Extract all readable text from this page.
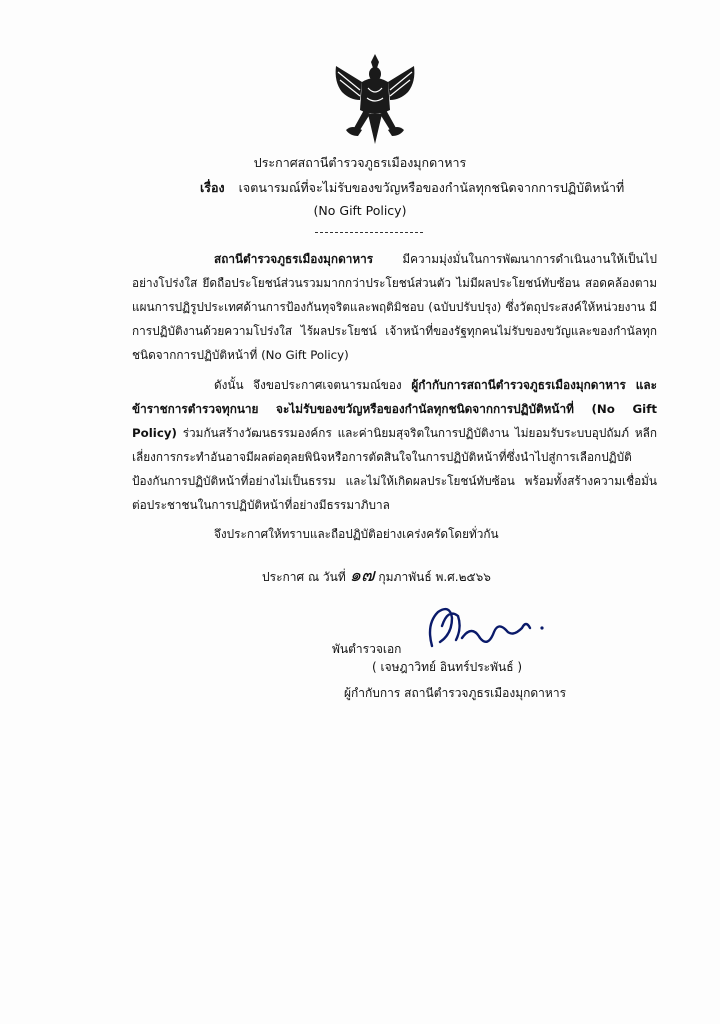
ประกาศสถานีตำรวจภูธรเมืองมุกดาหาร
เรื่อง เจตนารมณ์ที่จะไม่รับของขวัญหรือของกำนัลทุกชนิดจากการปฏิบัติหน้าที่
(No Gift Policy)
สถานีตำรวจภูธรเมืองมุกดาหาร มีความมุ่งมั่นในการพัฒนาการดำเนินงานให้เป็นไปอย่างโปร่งใส ยึดถือประโยชน์ส่วนรวมมากกว่าประโยชน์ส่วนตัว ไม่มีผลประโยชน์ทับซ้อน สอดคล้องตามแผนการปฏิรูปประเทศด้านการป้องกันทุจริตและพฤติมิชอบ (ฉบับปรับปรุง) ซึ่งวัตถุประสงค์ให้หน่วยงาน มีการปฏิบัติงานด้วยความโปร่งใส ไร้ผลประโยชน์ เจ้าหน้าที่ของรัฐทุกคนไม่รับของขวัญและของกำนัลทุกชนิดจากการปฏิบัติหน้าที่ (No Gift Policy)
ดังนั้น จึงขอประกาศเจตนารมณ์ของ ผู้กำกับการสถานีตำรวจภูธรเมืองมุกดาหาร และข้าราชการตำรวจทุกนาย จะไม่รับของขวัญหรือของกำนัลทุกชนิดจากการปฏิบัติหน้าที่ (No Gift Policy) ร่วมกันสร้างวัฒนธรรมองค์กร และค่านิยมสุจริตในการปฏิบัติงาน ไม่ยอมรับระบบอุปถัมภ์ หลีกเลี่ยงการกระทำอันอาจมีผลต่อดุลยพินิจหรือการตัดสินใจในการปฏิบัติหน้าที่ซึ่งนำไปสู่การเลือกปฏิบัติ ป้องกันการปฏิบัติหน้าที่อย่างไม่เป็นธรรม และไม่ให้เกิดผลประโยชน์ทับซ้อน พร้อมทั้งสร้างความเชื่อมั่นต่อประชาชนในการปฏิบัติหน้าที่อย่างมีธรรมาภิบาล
จึงประกาศให้ทราบและถือปฏิบัติอย่างเคร่งครัดโดยทั่วกัน
ประกาศ ณ วันที่ ๑๗ กุมภาพันธ์ พ.ศ.๒๕๖๖
พันตำรวจเอก
( เจษฎาวิทย์ อินทร์ประพันธ์ )
ผู้กำกับการ สถานีตำรวจภูธรเมืองมุกดาหาร
